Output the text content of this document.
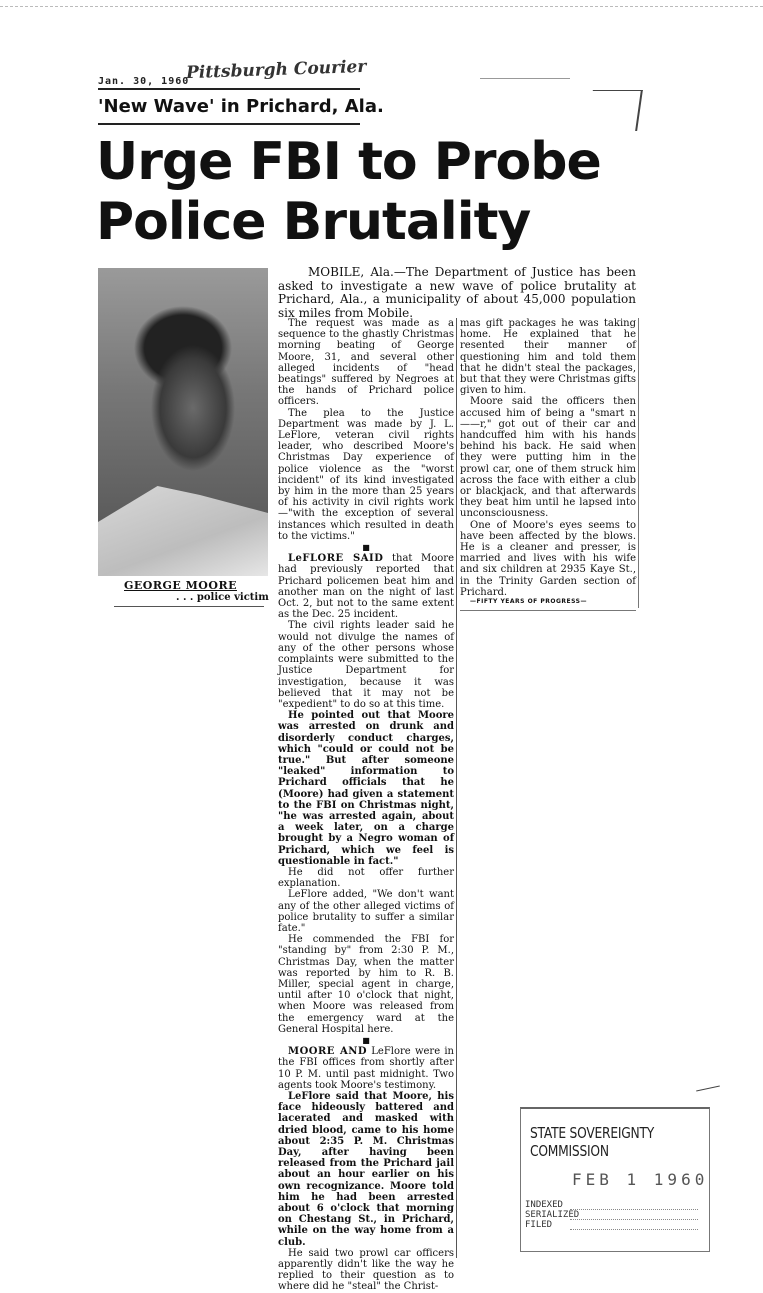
Jan. 30, 1960
Pittsburgh Courier
'New Wave' in Prichard, Ala.
Urge FBI to Probe
Police Brutality
GEORGE MOORE
. . . police victim
MOBILE, Ala.—The Department of Justice has been asked to investigate a new wave of police brutality at Prichard, Ala., a municipality of about 45,000 population six miles from Mobile.

The request was made as a sequence to the ghastly Christmas morning beating of George Moore, 31, and several other alleged incidents of "head beatings" suffered by Negroes at the hands of Prichard police officers.

The plea to the Justice Department was made by J. L. LeFlore, veteran civil rights leader, who described Moore's Christmas Day experience of police violence as the "worst incident" of its kind investigated by him in the more than 25 years of his activity in civil rights work—"with the exception of several instances which resulted in death to the victims."

■

LeFLORE SAID that Moore had previously reported that Prichard policemen beat him and another man on the night of last Oct. 2, but not to the same extent as the Dec. 25 incident.

The civil rights leader said he would not divulge the names of any of the other persons whose complaints were submitted to the Justice Department for investigation, because it was believed that it may not be "expedient" to do so at this time.

He pointed out that Moore was arrested on drunk and disorderly conduct charges, which "could or could not be true." But after someone "leaked" information to Prichard officials that he (Moore) had given a statement to the FBI on Christmas night, "he was arrested again, about a week later, on a charge brought by a Negro woman of Prichard, which we feel is questionable in fact."

He did not offer further explanation.

LeFlore added, "We don't want any of the other alleged victims of police brutality to suffer a similar fate."

He commended the FBI for "standing by" from 2:30 P. M., Christmas Day, when the matter was reported by him to R. B. Miller, special agent in charge, until after 10 o'clock that night, when Moore was released from the emergency ward at the General Hospital here.

■

MOORE AND LeFlore were in the FBI offices from shortly after 10 P. M. until past midnight. Two agents took Moore's testimony.

LeFlore said that Moore, his face hideously battered and lacerated and masked with dried blood, came to his home about 2:35 P. M. Christmas Day, after having been released from the Prichard jail about an hour earlier on his own recognizance. Moore told him he had been arrested about 6 o'clock that morning on Chestang St., in Prichard, while on the way home from a club.

He said two prowl car officers apparently didn't like the way he replied to their question as to where did he "steal" the Christ-

mas gift packages he was taking home. He explained that he resented their manner of questioning him and told them that he didn't steal the packages, but that they were Christmas gifts given to him.

Moore said the officers then accused him of being a "smart n——r," got out of their car and handcuffed him with his hands behind his back. He said when they were putting him in the prowl car, one of them struck him across the face with either a club or blackjack, and that afterwards they beat him until he lapsed into unconsciousness.

One of Moore's eyes seems to have been affected by the blows. He is a cleaner and presser, is married and lives with his wife and six children at 2935 Kaye St., in the Trinity Garden section of Prichard.

—FIFTY YEARS OF PROGRESS—
STATE SOVEREIGNTY COMMISSION
FEB 1 1960
INDEXED
SERIALIZED
FILED
